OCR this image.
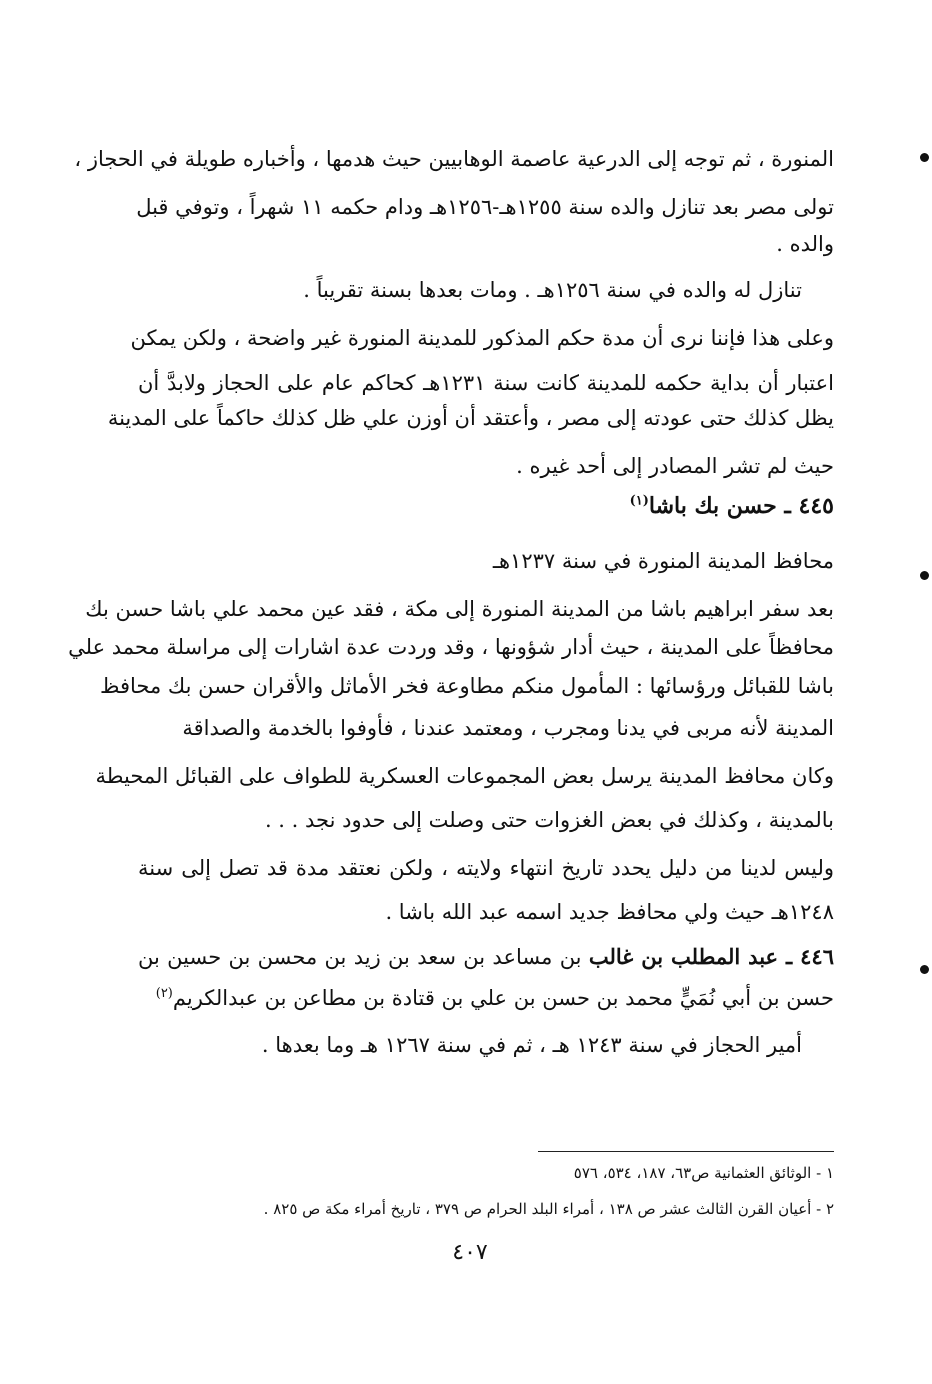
المنورة ، ثم توجه إلى الدرعية عاصمة الوهابيين حيث هدمها ، وأخباره طويلة في الحجاز ،
تولى مصر بعد تنازل والده سنة ١٢٥٥هـ-١٢٥٦هـ ودام حكمه ١١ شهراً ، وتوفي قبل
والده .
تنازل له والده في سنة ١٢٥٦هـ . ومات بعدها بسنة تقريباً .
وعلى هذا فإننا نرى أن مدة حكم المذكور للمدينة المنورة غير واضحة ، ولكن يمكن
اعتبار أن بداية حكمه للمدينة كانت سنة ١٢٣١هـ كحاكم عام على الحجاز ولابدَّ أن
يظل كذلك حتى عودته إلى مصر ، وأعتقد أن أوزن علي ظل كذلك حاكماً على المدينة
حيث لم تشر المصادر إلى أحد غيره .
٤٤٥ ـ حسن بك باشا$^{(١)}$
محافظ المدينة المنورة في سنة ١٢٣٧هـ
بعد سفر ابراهيم باشا من المدينة المنورة إلى مكة ، فقد عين محمد علي باشا حسن بك
محافظاً على المدينة ، حيث أدار شؤونها ، وقد وردت عدة اشارات إلى مراسلة محمد علي
باشا للقبائل ورؤسائها : المأمول منكم مطاوعة فخر الأماثل والأقران حسن بك محافظ
المدينة لأنه مربى في يدنا ومجرب ، ومعتمد عندنا ، فأوفوا بالخدمة والصداقة
وكان محافظ المدينة يرسل بعض المجموعات العسكرية للطواف على القبائل المحيطة
بالمدينة ، وكذلك في بعض الغزوات حتى وصلت إلى حدود نجد . . .
وليس لدينا من دليل يحدد تاريخ انتهاء ولايته ، ولكن نعتقد مدة قد تصل إلى سنة
١٢٤٨هـ حيث ولي محافظ جديد اسمه عبد الله باشا .
٤٤٦ ـ عبد المطلب بن غالب بن مساعد بن سعد بن زيد بن محسن بن حسين بن
حسن بن أبي نُمَيٍّ محمد بن حسن بن علي بن قتادة بن مطاعن بن عبدالكريم$^{(٢)}$
أمير الحجاز في سنة ١٢٤٣ هـ ، ثم في سنة ١٢٦٧ هـ وما بعدها .
١ - الوثائق العثمانية ص٦٣، ١٨٧، ٥٣٤، ٥٧٦
٢ - أعيان القرن الثالث عشر ص ١٣٨ ، أمراء البلد الحرام ص ٣٧٩ ، تاريخ أمراء مكة ص ٨٢٥ .
٤٠٧
